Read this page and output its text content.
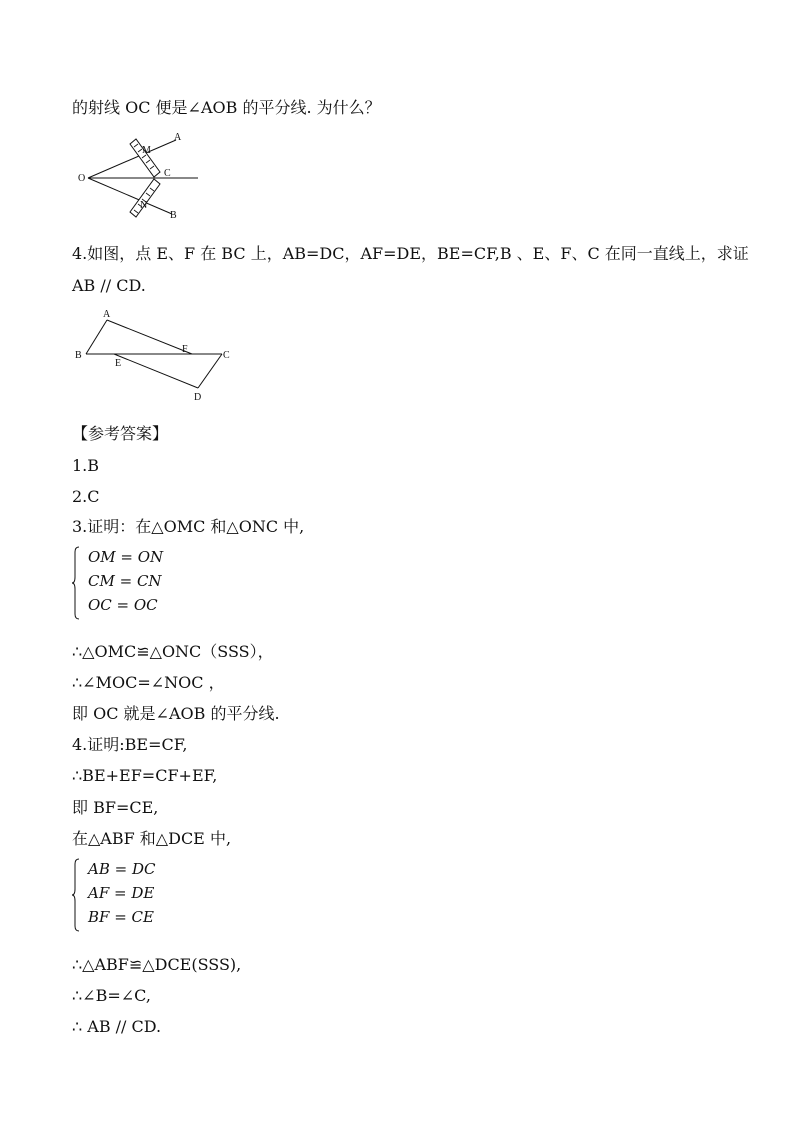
的射线 OC 便是∠AOB 的平分线. 为什么？
O
A
M
C
N
B
4.如图，点 E、F 在 BC 上，AB=DC，AF=DE，BE=CF,B 、E、F、C 在同一直线上，求证
AB // CD.
A
B
E
F
C
D
【参考答案】
1.B
2.C
3.证明：在△OMC 和△ONC 中,
OM = ON
CM = CN
OC = OC
∴△OMC≌△ONC（SSS），
∴∠MOC=∠NOC ，
即 OC 就是∠AOB 的平分线.
4.证明:BE=CF,
∴BE+EF=CF+EF,
即 BF=CE,
在△ABF 和△DCE 中,
AB = DC
AF = DE
BF = CE
∴△ABF≌△DCE(SSS),
∴∠B=∠C,
∴ AB // CD.
